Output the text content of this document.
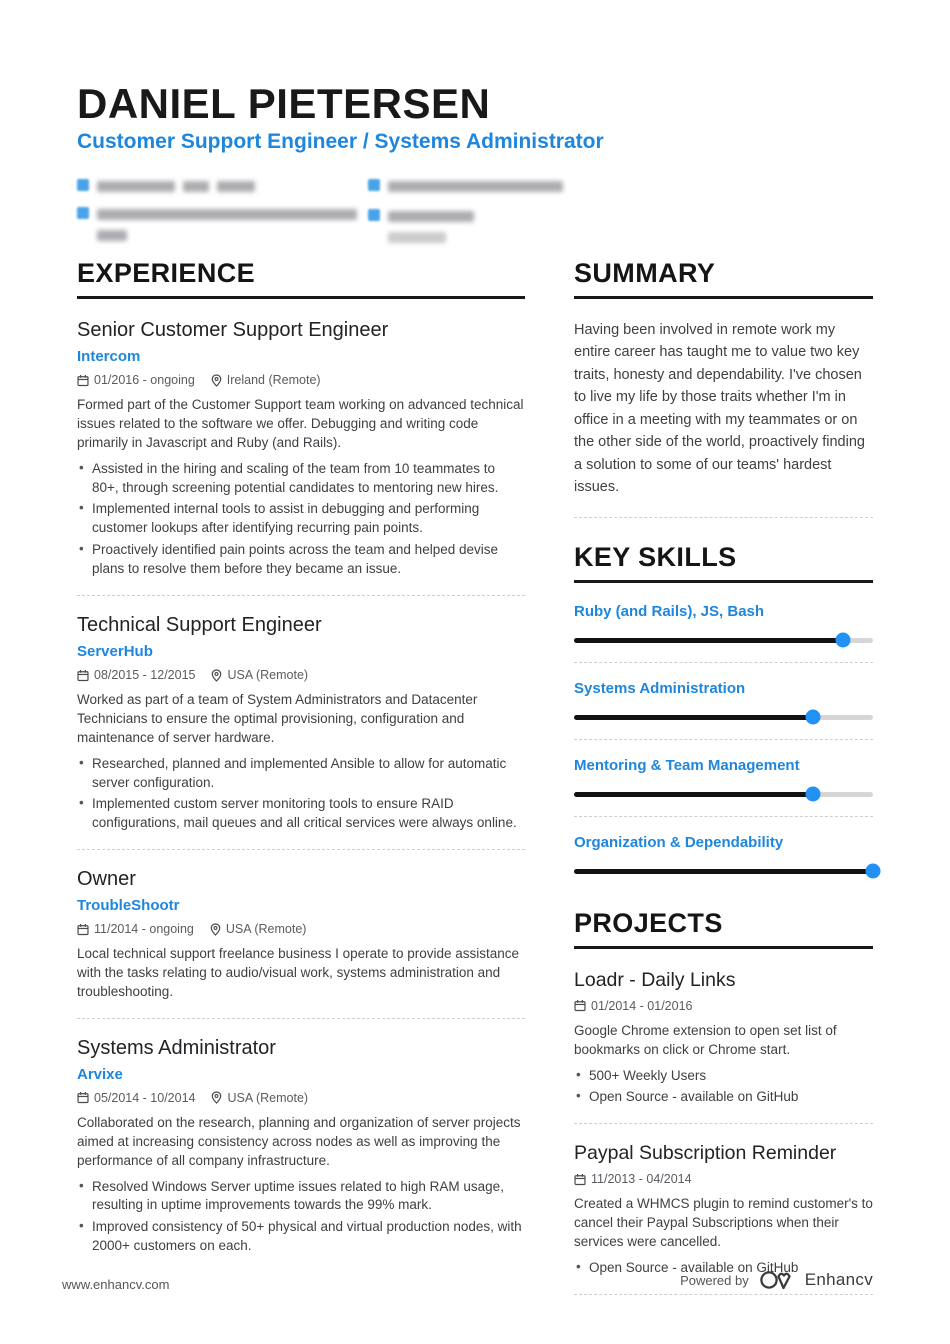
DANIEL PIETERSEN
Customer Support Engineer / Systems Administrator

EXPERIENCE
Senior Customer Support Engineer
Intercom
01/2016 - ongoing	Ireland (Remote)
Formed part of the Customer Support team working on advanced technical issues related to the software we offer. Debugging and writing code primarily in Javascript and Ruby (and Rails).
• Assisted in the hiring and scaling of the team from 10 teammates to 80+, through screening potential candidates to mentoring new hires.
• Implemented internal tools to assist in debugging and performing customer lookups after identifying recurring pain points.
• Proactively identified pain points across the team and helped devise plans to resolve them before they became an issue.
Technical Support Engineer
ServerHub
08/2015 - 12/2015	USA (Remote)
Worked as part of a team of System Administrators and Datacenter Technicians to ensure the optimal provisioning, configuration and maintenance of server hardware.
• Researched, planned and implemented Ansible to allow for automatic server configuration.
• Implemented custom server monitoring tools to ensure RAID configurations, mail queues and all critical services were always online.
Owner
TroubleShootr
11/2014 - ongoing	USA (Remote)
Local technical support freelance business I operate to provide assistance with the tasks relating to audio/visual work, systems administration and troubleshooting.
Systems Administrator
Arvixe
05/2014 - 10/2014	USA (Remote)
Collaborated on the research, planning and organization of server projects aimed at increasing consistency across nodes as well as improving the performance of all company infrastructure.
• Resolved Windows Server uptime issues related to high RAM usage, resulting in uptime improvements towards the 99% mark.
• Improved consistency of 50+ physical and virtual production nodes, with 2000+ customers on each.
SUMMARY
Having been involved in remote work my entire career has taught me to value two key traits, honesty and dependability. I've chosen to live my life by those traits whether I'm in office in a meeting with my teammates or on the other side of the world, proactively finding a solution to some of our teams' hardest issues.
KEY SKILLS
Ruby (and Rails), JS, Bash
Systems Administration
Mentoring & Team Management
Organization & Dependability
PROJECTS
Loadr - Daily Links
01/2014 - 01/2016
Google Chrome extension to open set list of bookmarks on click or Chrome start.
• 500+ Weekly Users
• Open Source - available on GitHub
Paypal Subscription Reminder
11/2013 - 04/2014
Created a WHMCS plugin to remind customer's to cancel their Paypal Subscriptions when their services were cancelled.
• Open Source - available on GitHub
www.enhancv.com	Powered by	Enhancv
